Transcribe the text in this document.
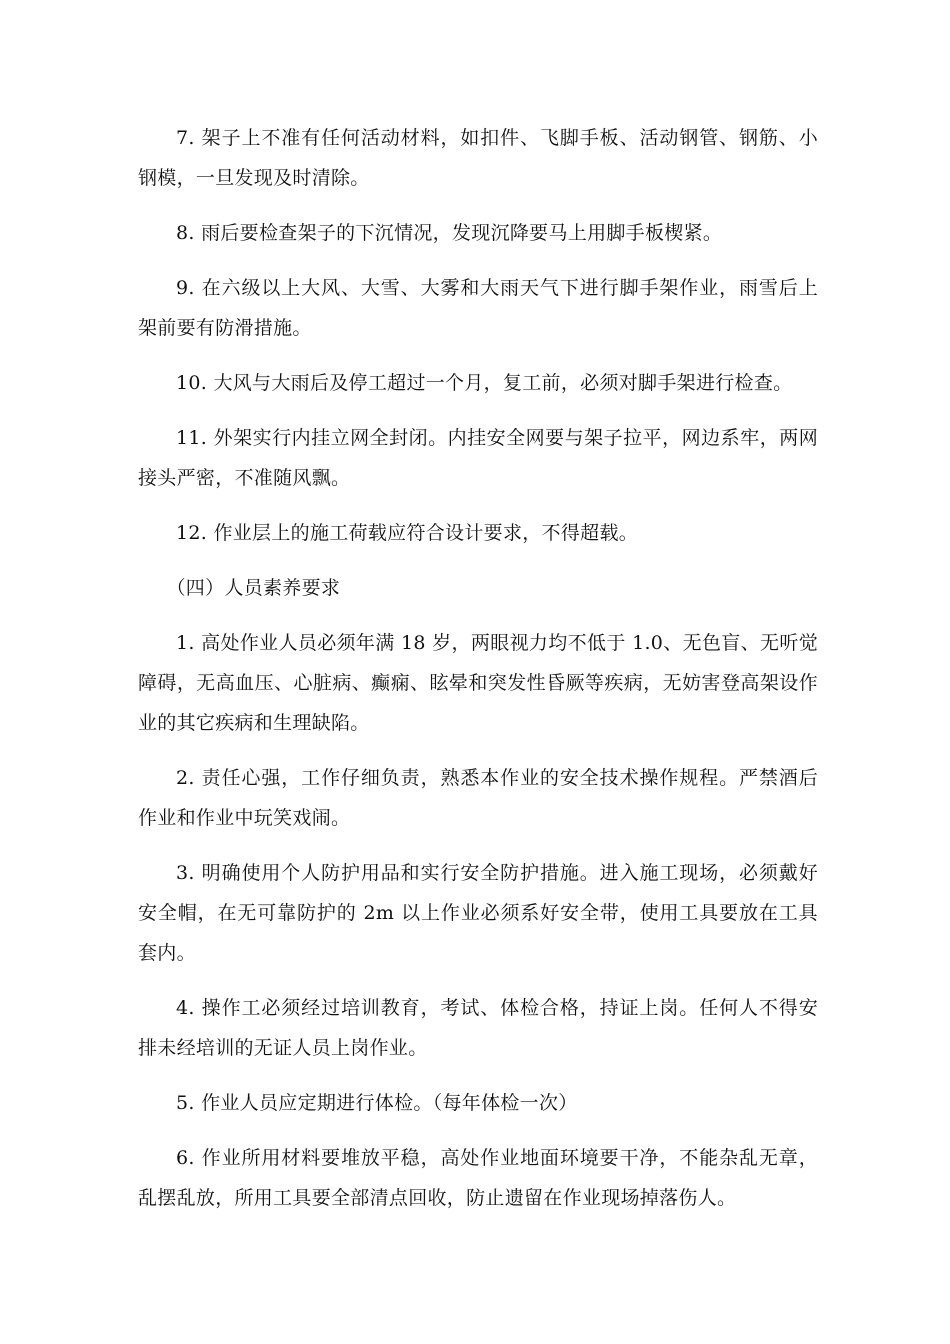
7. 架子上不准有任何活动材料，如扣件、飞脚手板、活动钢管、钢筋、小钢模，一旦发现及时清除。

8. 雨后要检查架子的下沉情况，发现沉降要马上用脚手板楔紧。

9. 在六级以上大风、大雪、大雾和大雨天气下进行脚手架作业，雨雪后上架前要有防滑措施。

10. 大风与大雨后及停工超过一个月，复工前，必须对脚手架进行检查。

11. 外架实行内挂立网全封闭。内挂安全网要与架子拉平，网边系牢，两网接头严密，不准随风飘。

12. 作业层上的施工荷载应符合设计要求，不得超载。

（四）人员素养要求

1. 高处作业人员必须年满 18 岁，两眼视力均不低于 1.0、无色盲、无听觉障碍，无高血压、心脏病、癫痫、眩晕和突发性昏厥等疾病，无妨害登高架设作业的其它疾病和生理缺陷。

2. 责任心强，工作仔细负责，熟悉本作业的安全技术操作规程。严禁酒后作业和作业中玩笑戏闹。

3. 明确使用个人防护用品和实行安全防护措施。进入施工现场，必须戴好安全帽，在无可靠防护的 2m 以上作业必须系好安全带，使用工具要放在工具套内。

4. 操作工必须经过培训教育，考试、体检合格，持证上岗。任何人不得安排未经培训的无证人员上岗作业。

5. 作业人员应定期进行体检。（每年体检一次）

6. 作业所用材料要堆放平稳，高处作业地面环境要干净，不能杂乱无章，乱摆乱放，所用工具要全部清点回收，防止遗留在作业现场掉落伤人。
